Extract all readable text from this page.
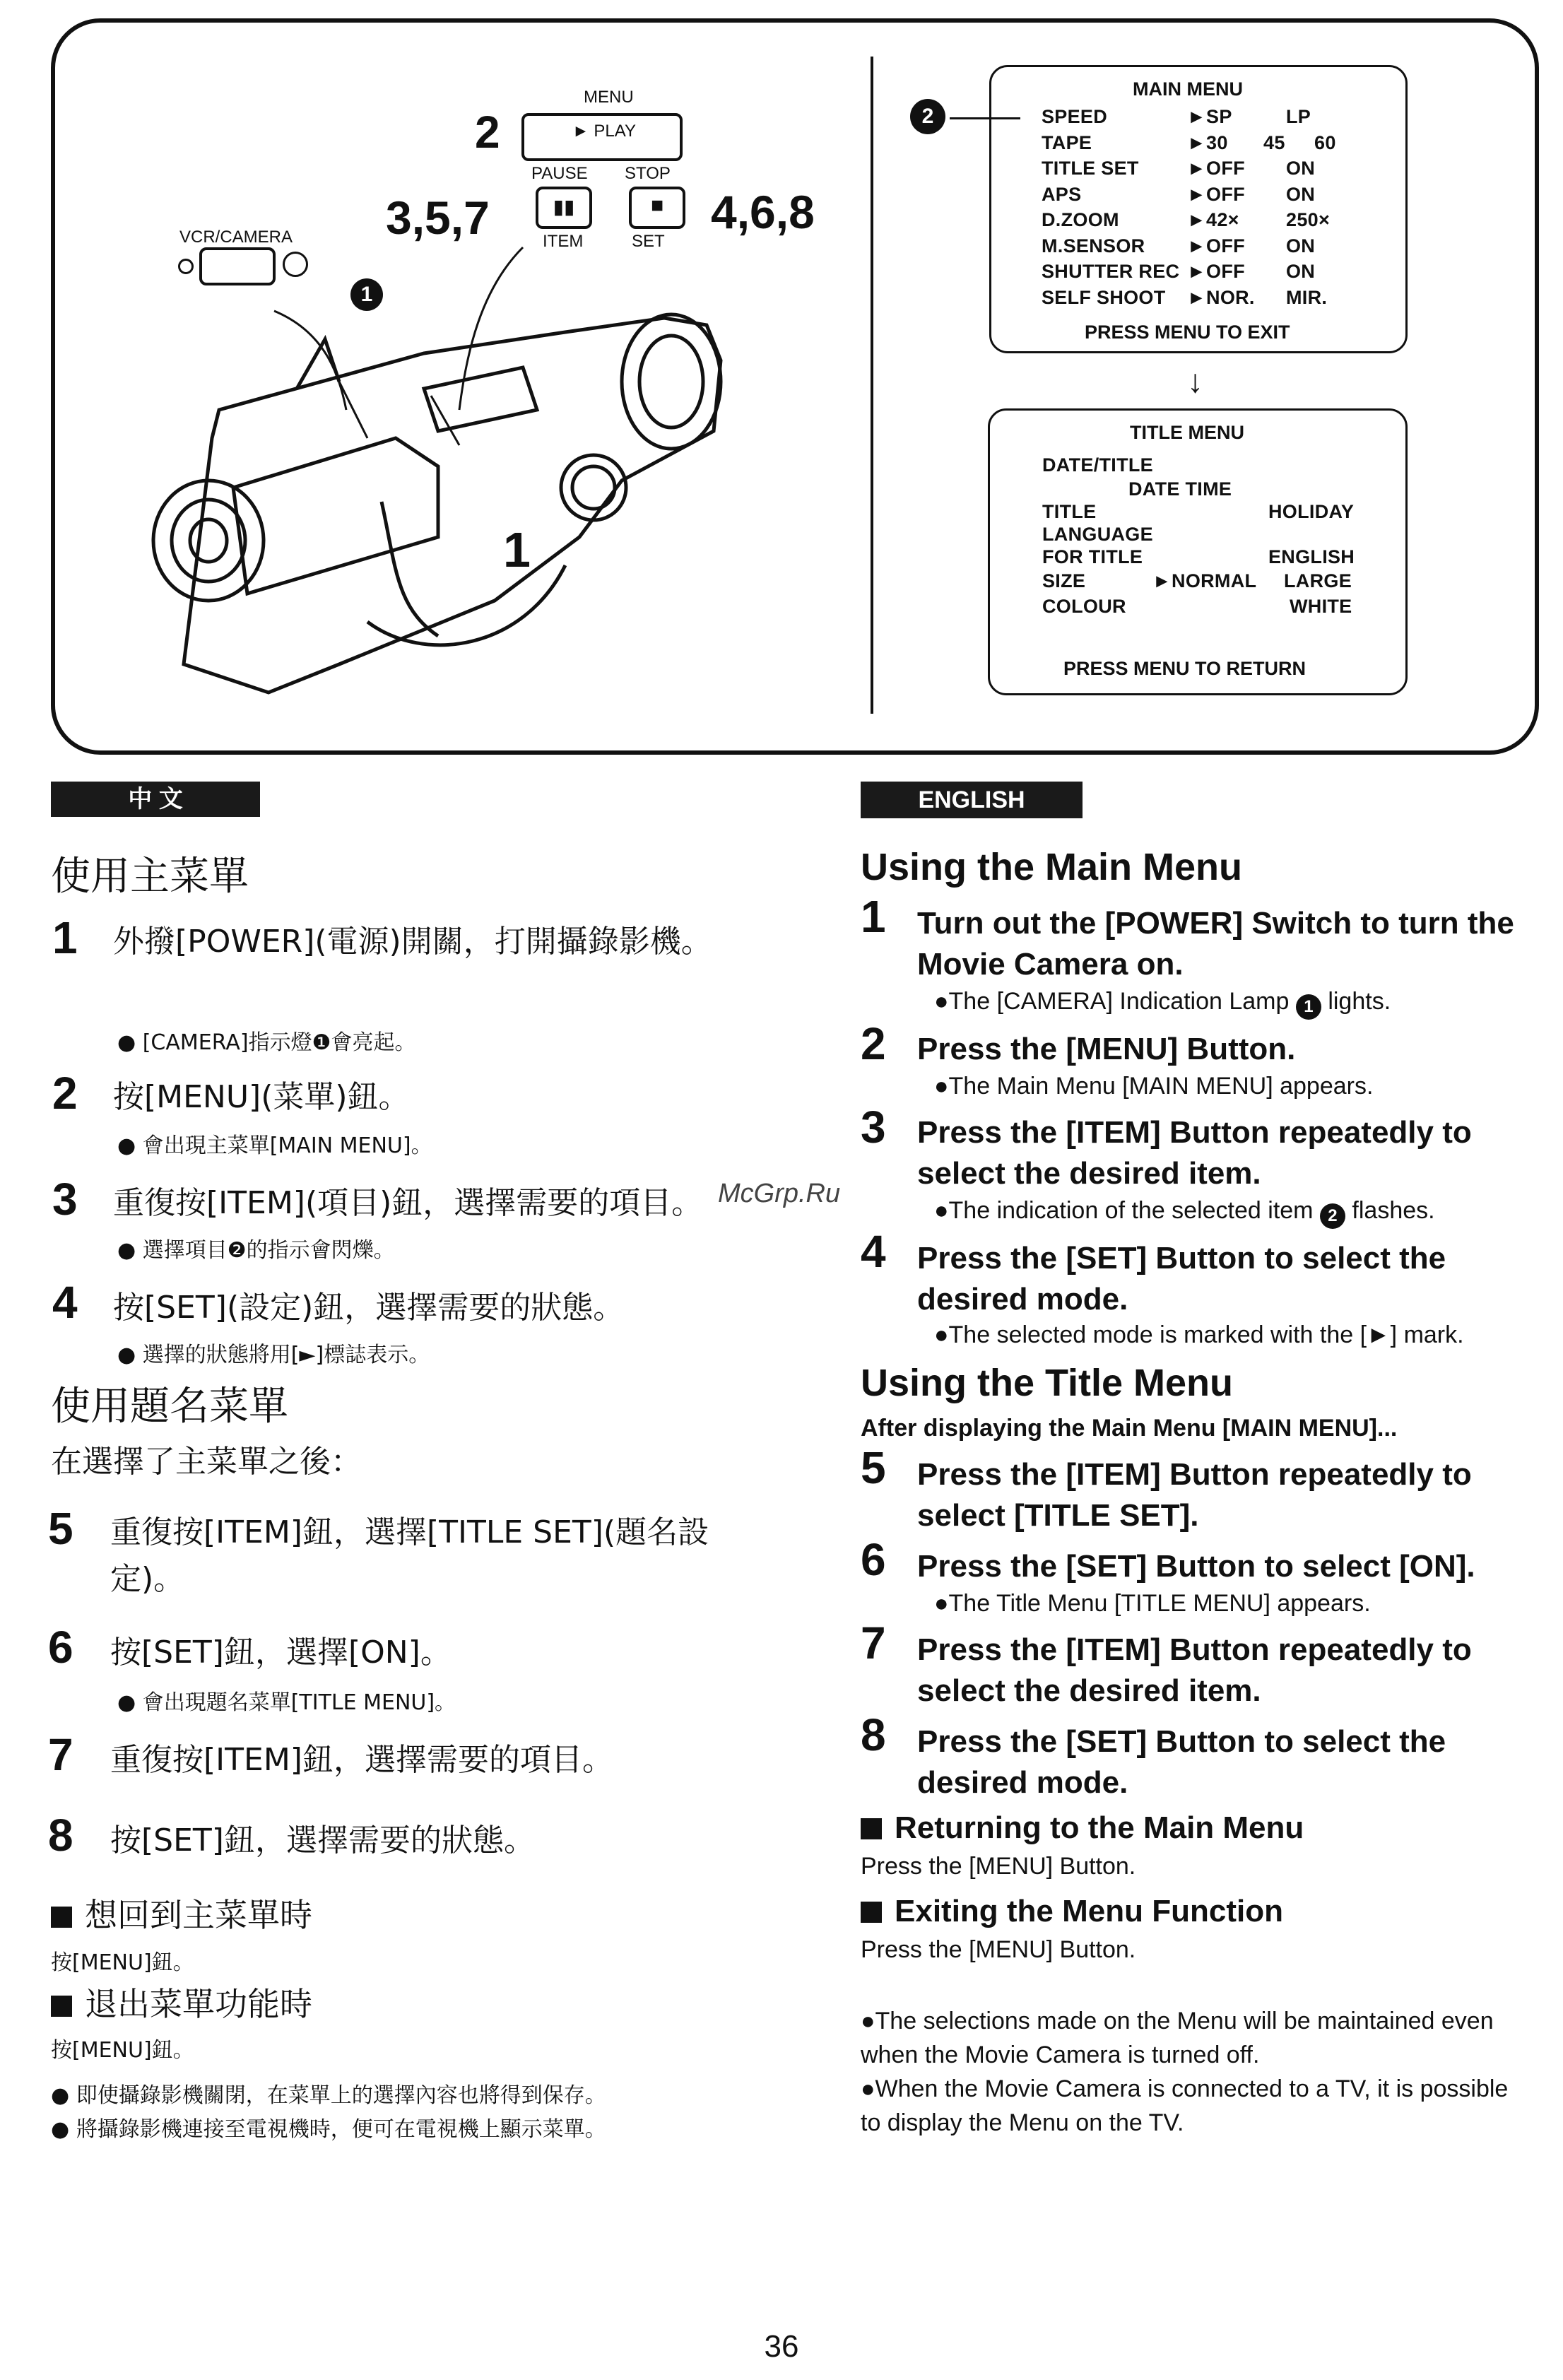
VCR/CAMERA
1
MENU
► PLAY
2
PAUSE STOP
▮▮	■
ITEM	SET
3,5,7	4,6,8
1
2
MAIN MENU
PRESS MENU TO EXIT
SPEED	►SP	LP
TAPE	►30 45 60
TITLE SET	►OFF ON
APS	►OFF ON
D.ZOOM	►42× 250×
M.SENSOR ►OFF ON
SHUTTER REC ►OFF ON
SELF SHOOT ►NOR. MIR.
↓
TITLE MENU
DATE/TITLE
DATE TIME
TITLE	HOLIDAY
LANGUAGE
FOR TITLE	ENGLISH
SIZE	►NORMAL LARGE
COLOUR	WHITE
PRESS MENU TO RETURN
中 文
使用主菜單
1 外撥[POWER](電源)開關，打開攝錄影機。
● [CAMERA]指示燈❶會亮起。
2 按[MENU](菜單)鈕。
● 會出現主菜單[MAIN MENU]。
3 重復按[ITEM](項目)鈕，選擇需要的項目。 McGrp.Ru
● 選擇項目❷的指示會閃爍。
4 按[SET](設定)鈕，選擇需要的狀態。
● 選擇的狀態將用[►]標誌表示。
使用題名菜單
在選擇了主菜單之後：
5 重復按[ITEM]鈕，選擇[TITLE SET](題名設定)。
6 按[SET]鈕，選擇[ON]。
● 會出現題名菜單[TITLE MENU]。
7 重復按[ITEM]鈕，選擇需要的項目。
8 按[SET]鈕，選擇需要的狀態。
想回到主菜單時
按[MENU]鈕。
退出菜單功能時
按[MENU]鈕。
● 即使攝錄影機關閉，在菜單上的選擇內容也將得到保存。
● 將攝錄影機連接至電視機時，便可在電視機上顯示菜單。
ENGLISH
Using the Main Menu
1 Turn out the [POWER] Switch to turn the Movie Camera on.
●The [CAMERA] Indication Lamp 1 lights.
2 Press the [MENU] Button.
●The Main Menu [MAIN MENU] appears.
3 Press the [ITEM] Button repeatedly to select the desired item.
●The indication of the selected item 2 flashes.
4 Press the [SET] Button to select the desired mode.
●The selected mode is marked with the [►] mark.
Using the Title Menu
After displaying the Main Menu [MAIN MENU]...
5 Press the [ITEM] Button repeatedly to select [TITLE SET].
6 Press the [SET] Button to select [ON].
●The Title Menu [TITLE MENU] appears.
7 Press the [ITEM] Button repeatedly to select the desired item.
8 Press the [SET] Button to select the desired mode.
Returning to the Main Menu
Press the [MENU] Button.
Exiting the Menu Function
Press the [MENU] Button.
●The selections made on the Menu will be maintained even when the Movie Camera is turned off.
●When the Movie Camera is connected to a TV, it is possible to display the Menu on the TV.
36
